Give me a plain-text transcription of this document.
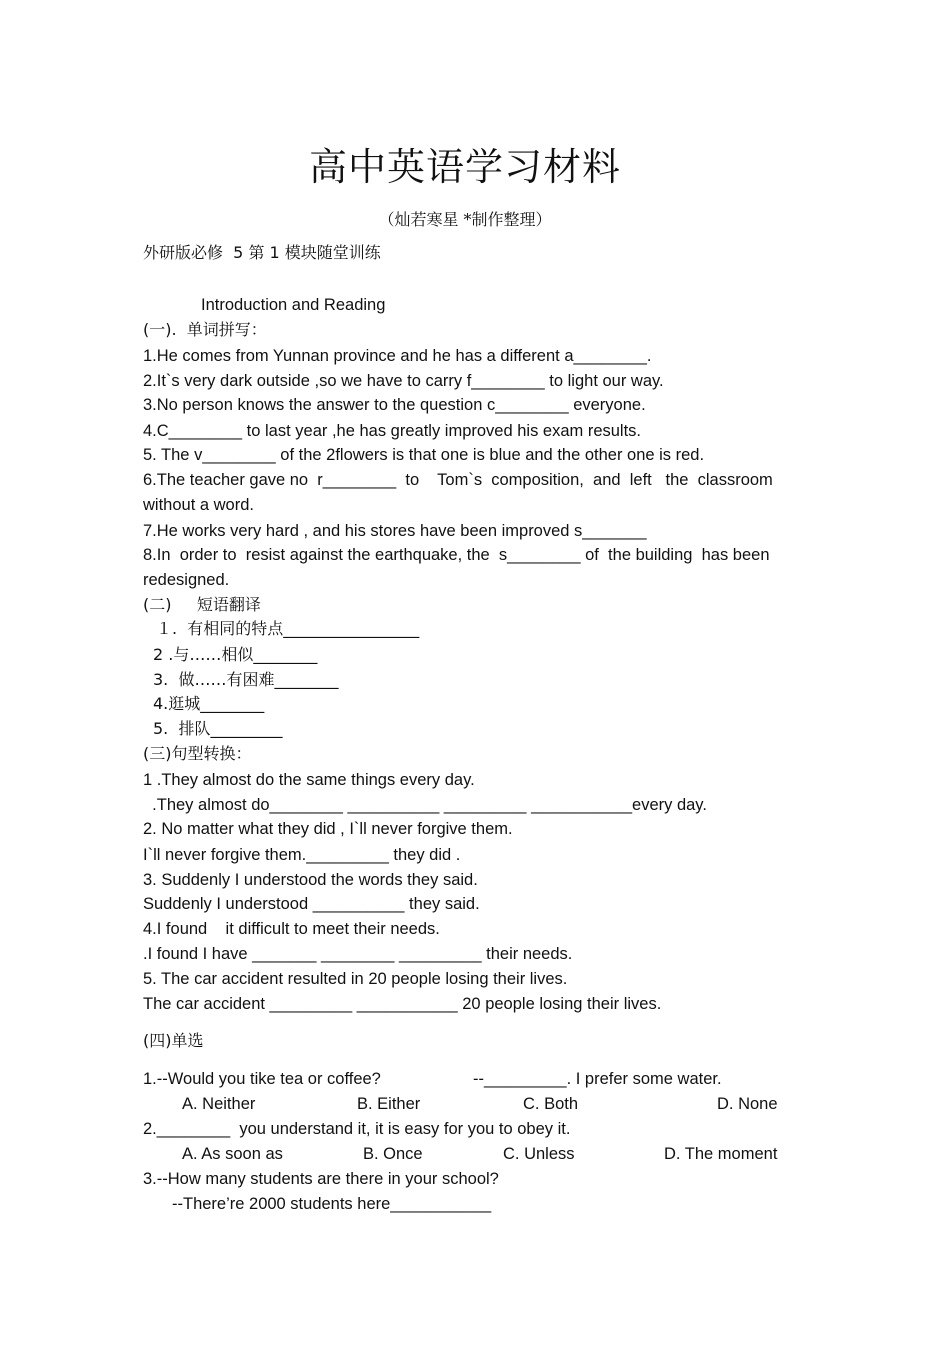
高中英语学习材料
（灿若寒星 *制作整理）
外研版必修  5 第 1 模块随堂训练
Introduction and Reading
(一).  单词拼写：
1.He comes from Yunnan province and he has a different a________.
2.It`s very dark outside ,so we have to carry f________ to light our way.
3.No person knows the answer to the question c________ everyone.
4.C________ to last year ,he has greatly improved his exam results.
5. The v________ of the 2flowers is that one is blue and the other one is red.
6.The teacher gave no  r________  to    Tom`s  composition,  and  left   the  classroom
without a word.
7.He works very hard , and his stores have been improved s_______
8.In  order to  resist against the earthquake, the  s________ of  the building  has been
redesigned.
(二)     短语翻译
１.  有相同的特点_________________
2 .与……相似________
3.  做……有困难________
4.逛城________
5.  排队_________
(三)句型转换：
1 .They almost do the same things every day.
.They almost do________ __________ _________ ___________every day.
2. No matter what they did , I`ll never forgive them.
I`ll never forgive them._________ they did .
3. Suddenly I understood the words they said.
Suddenly I understood __________ they said.
4.I found    it difficult to meet their needs.
.I found I have _______ ________ _________ their needs.
5. The car accident resulted in 20 people losing their lives.
The car accident _________ ___________ 20 people losing their lives.
(四)单选
1.--Would you tike tea or coffee?	--_________. I prefer some water.
A. Neither	B. Either	C. Both	D. None
2.________  you understand it, it is easy for you to obey it.
A. As soon as	B. Once	C. Unless	D. The moment
3.--How many students are there in your school?
--There’re 2000 students here___________
